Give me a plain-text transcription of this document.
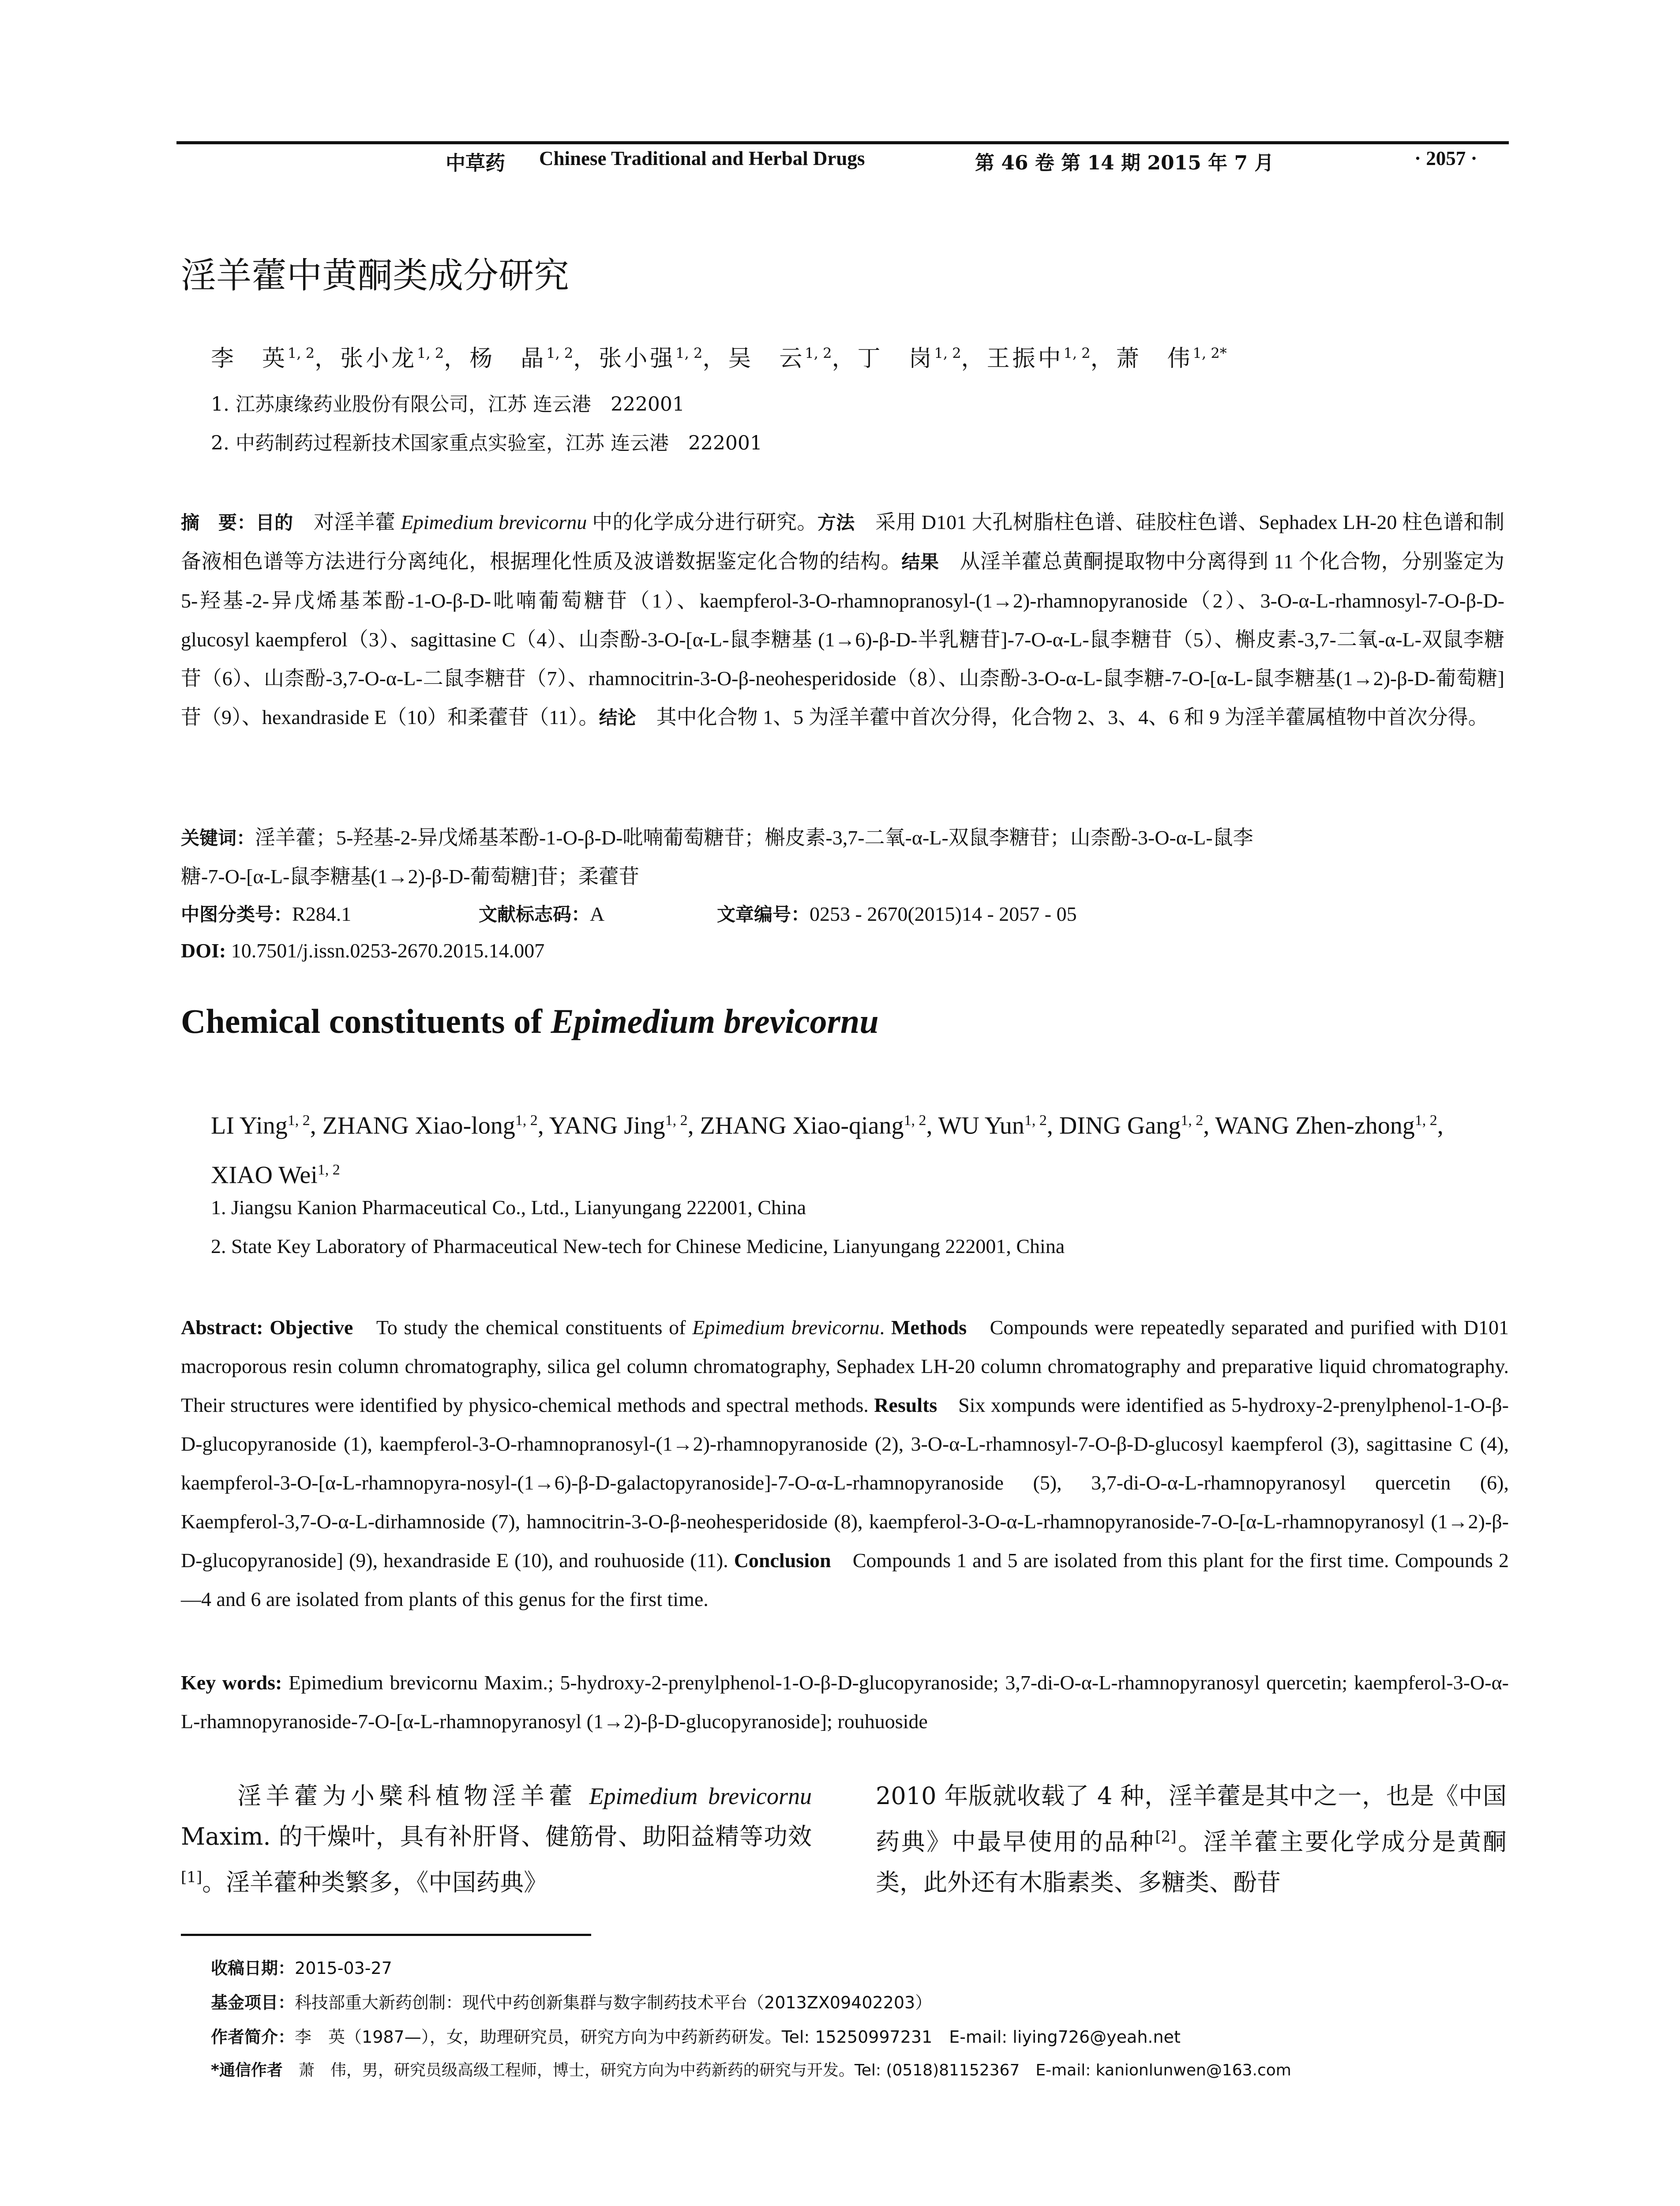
中草药 Chinese Traditional and Herbal Drugs	第 46 卷 第 14 期 2015 年 7 月	· 2057 ·
淫羊藿中黄酮类成分研究
李　英$^{1, 2}$，张小龙$^{1, 2}$，杨　晶$^{1, 2}$，张小强$^{1, 2}$，吴　云$^{1, 2}$，丁　岗$^{1, 2}$，王振中$^{1, 2}$，萧　伟$^{1, 2*}$
1. 江苏康缘药业股份有限公司，江苏 连云港　222001
2. 中药制药过程新技术国家重点实验室，江苏 连云港　222001
摘　要：目的　对淫羊藿 Epimedium brevicornu 中的化学成分进行研究。方法　采用 D101 大孔树脂柱色谱、硅胶柱色谱、Sephadex LH-20 柱色谱和制备液相色谱等方法进行分离纯化，根据理化性质及波谱数据鉴定化合物的结构。结果　从淫羊藿总黄酮提取物中分离得到 11 个化合物，分别鉴定为 5-羟基-2-异戊烯基苯酚-1-O-β-D-吡喃葡萄糖苷（1）、kaempferol-3-O-rhamnopranosyl-(1→2)-rhamnopyranoside（2）、3-O-α-L-rhamnosyl-7-O-β-D-glucosyl kaempferol（3）、sagittasine C（4）、山柰酚-3-O-[α-L-鼠李糖基 (1→6)-β-D-半乳糖苷]-7-O-α-L-鼠李糖苷（5）、槲皮素-3,7-二氧-α-L-双鼠李糖苷（6）、山柰酚-3,7-O-α-L-二鼠李糖苷（7）、rhamnocitrin-3-O-β-neohesperidoside（8）、山柰酚-3-O-α-L-鼠李糖-7-O-[α-L-鼠李糖基(1→2)-β-D-葡萄糖] 苷（9）、hexandraside E（10）和柔藿苷（11）。结论　其中化合物 1、5 为淫羊藿中首次分得，化合物 2、3、4、6 和 9 为淫羊藿属植物中首次分得。
关键词：淫羊藿；5-羟基-2-异戊烯基苯酚-1-O-β-D-吡喃葡萄糖苷；槲皮素-3,7-二氧-α-L-双鼠李糖苷；山柰酚-3-O-α-L-鼠李
糖-7-O-[α-L-鼠李糖基(1→2)-β-D-葡萄糖]苷；柔藿苷
中图分类号：R284.1	文献标志码：A	文章编号：0253 - 2670(2015)14 - 2057 - 05
DOI: 10.7501/j.issn.0253-2670.2015.14.007
Chemical constituents of Epimedium brevicornu
LI Ying$^{1, 2}$, ZHANG Xiao-long$^{1, 2}$, YANG Jing$^{1, 2}$, ZHANG Xiao-qiang$^{1, 2}$, WU Yun$^{1, 2}$, DING Gang$^{1, 2}$, WANG Zhen-zhong$^{1, 2}$, XIAO Wei$^{1, 2}$
1. Jiangsu Kanion Pharmaceutical Co., Ltd., Lianyungang 222001, China
2. State Key Laboratory of Pharmaceutical New-tech for Chinese Medicine, Lianyungang 222001, China
Abstract: Objective　To study the chemical constituents of Epimedium brevicornu. Methods　Compounds were repeatedly separated and purified with D101 macroporous resin column chromatography, silica gel column chromatography, Sephadex LH-20 column chromatography and preparative liquid chromatography. Their structures were identified by physico-chemical methods and spectral methods. Results　Six xompunds were identified as 5-hydroxy-2-prenylphenol-1-O-β-D-glucopyranoside (1), kaempferol-3-O-rhamnopranosyl-(1→2)-rhamnopyranoside (2), 3-O-α-L-rhamnosyl-7-O-β-D-glucosyl kaempferol (3), sagittasine C (4), kaempferol-3-O-[α-L-rhamnopyra-nosyl-(1→6)-β-D-galactopyranoside]-7-O-α-L-rhamnopyranoside (5), 3,7-di-O-α-L-rhamnopyranosyl quercetin (6), Kaempferol-3,7-O-α-L-dirhamnoside (7), hamnocitrin-3-O-β-neohesperidoside (8), kaempferol-3-O-α-L-rhamnopyranoside-7-O-[α-L-rhamnopyranosyl (1→2)-β-D-glucopyranoside] (9), hexandraside E (10), and rouhuoside (11). Conclusion　Compounds 1 and 5 are isolated from this plant for the first time. Compounds 2—4 and 6 are isolated from plants of this genus for the first time.
Key words: Epimedium brevicornu Maxim.; 5-hydroxy-2-prenylphenol-1-O-β-D-glucopyranoside; 3,7-di-O-α-L-rhamnopyranosyl quercetin; kaempferol-3-O-α-L-rhamnopyranoside-7-O-[α-L-rhamnopyranosyl (1→2)-β-D-glucopyranoside]; rouhuoside
　　淫羊藿为小檗科植物淫羊藿 Epimedium brevicornu Maxim. 的干燥叶，具有补肝肾、健筋骨、助阳益精等功效[1]。淫羊藿种类繁多，《中国药典》
2010 年版就收载了 4 种，淫羊藿是其中之一，也是《中国药典》中最早使用的品种[2]。淫羊藿主要化学成分是黄酮类，此外还有木脂素类、多糖类、酚苷
收稿日期：2015-03-27
基金项目：科技部重大新药创制：现代中药创新集群与数字制药技术平台（2013ZX09402203）
作者简介：李　英（1987—），女，助理研究员，研究方向为中药新药研发。Tel: 15250997231　E-mail: liying726@yeah.net
*通信作者　萧　伟，男，研究员级高级工程师，博士，研究方向为中药新药的研究与开发。Tel: (0518)81152367　E-mail: kanionlunwen@163.com
